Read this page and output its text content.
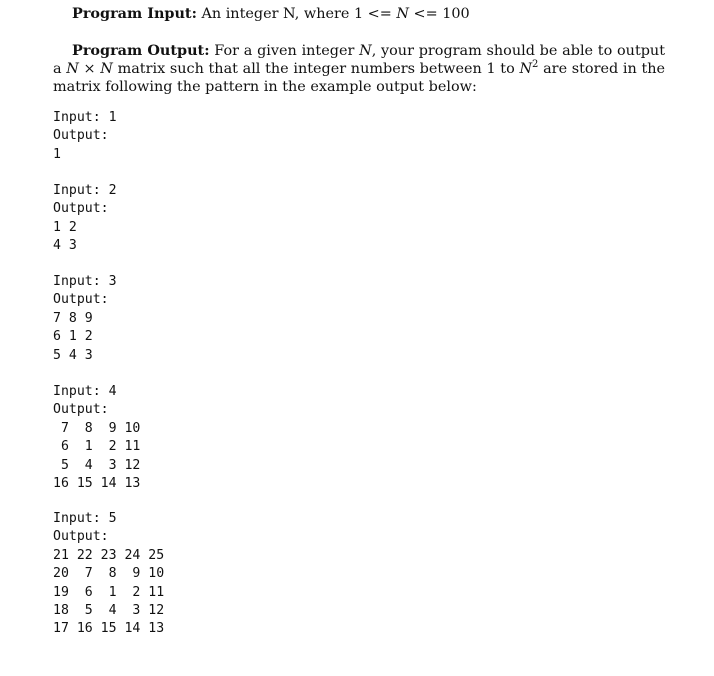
Program Input: An integer N, where 1 <= N <= 100

Program Output: For a given integer N, your program should be able to output a N × N matrix such that all the integer numbers between 1 to $N^2$ are stored in the matrix following the pattern in the example output below:

Input: 1
Output:
1
Input: 2
Output:
1 2
4 3
Input: 3
Output:
7 8 9
6 1 2
5 4 3
Input: 4
Output:
7  8  9 10
6  1  2 11
5  4  3 12
16 15 14 13
Input: 5
Output:
21 22 23 24 25
20  7  8  9 10
19  6  1  2 11
18  5  4  3 12
17 16 15 14 13
